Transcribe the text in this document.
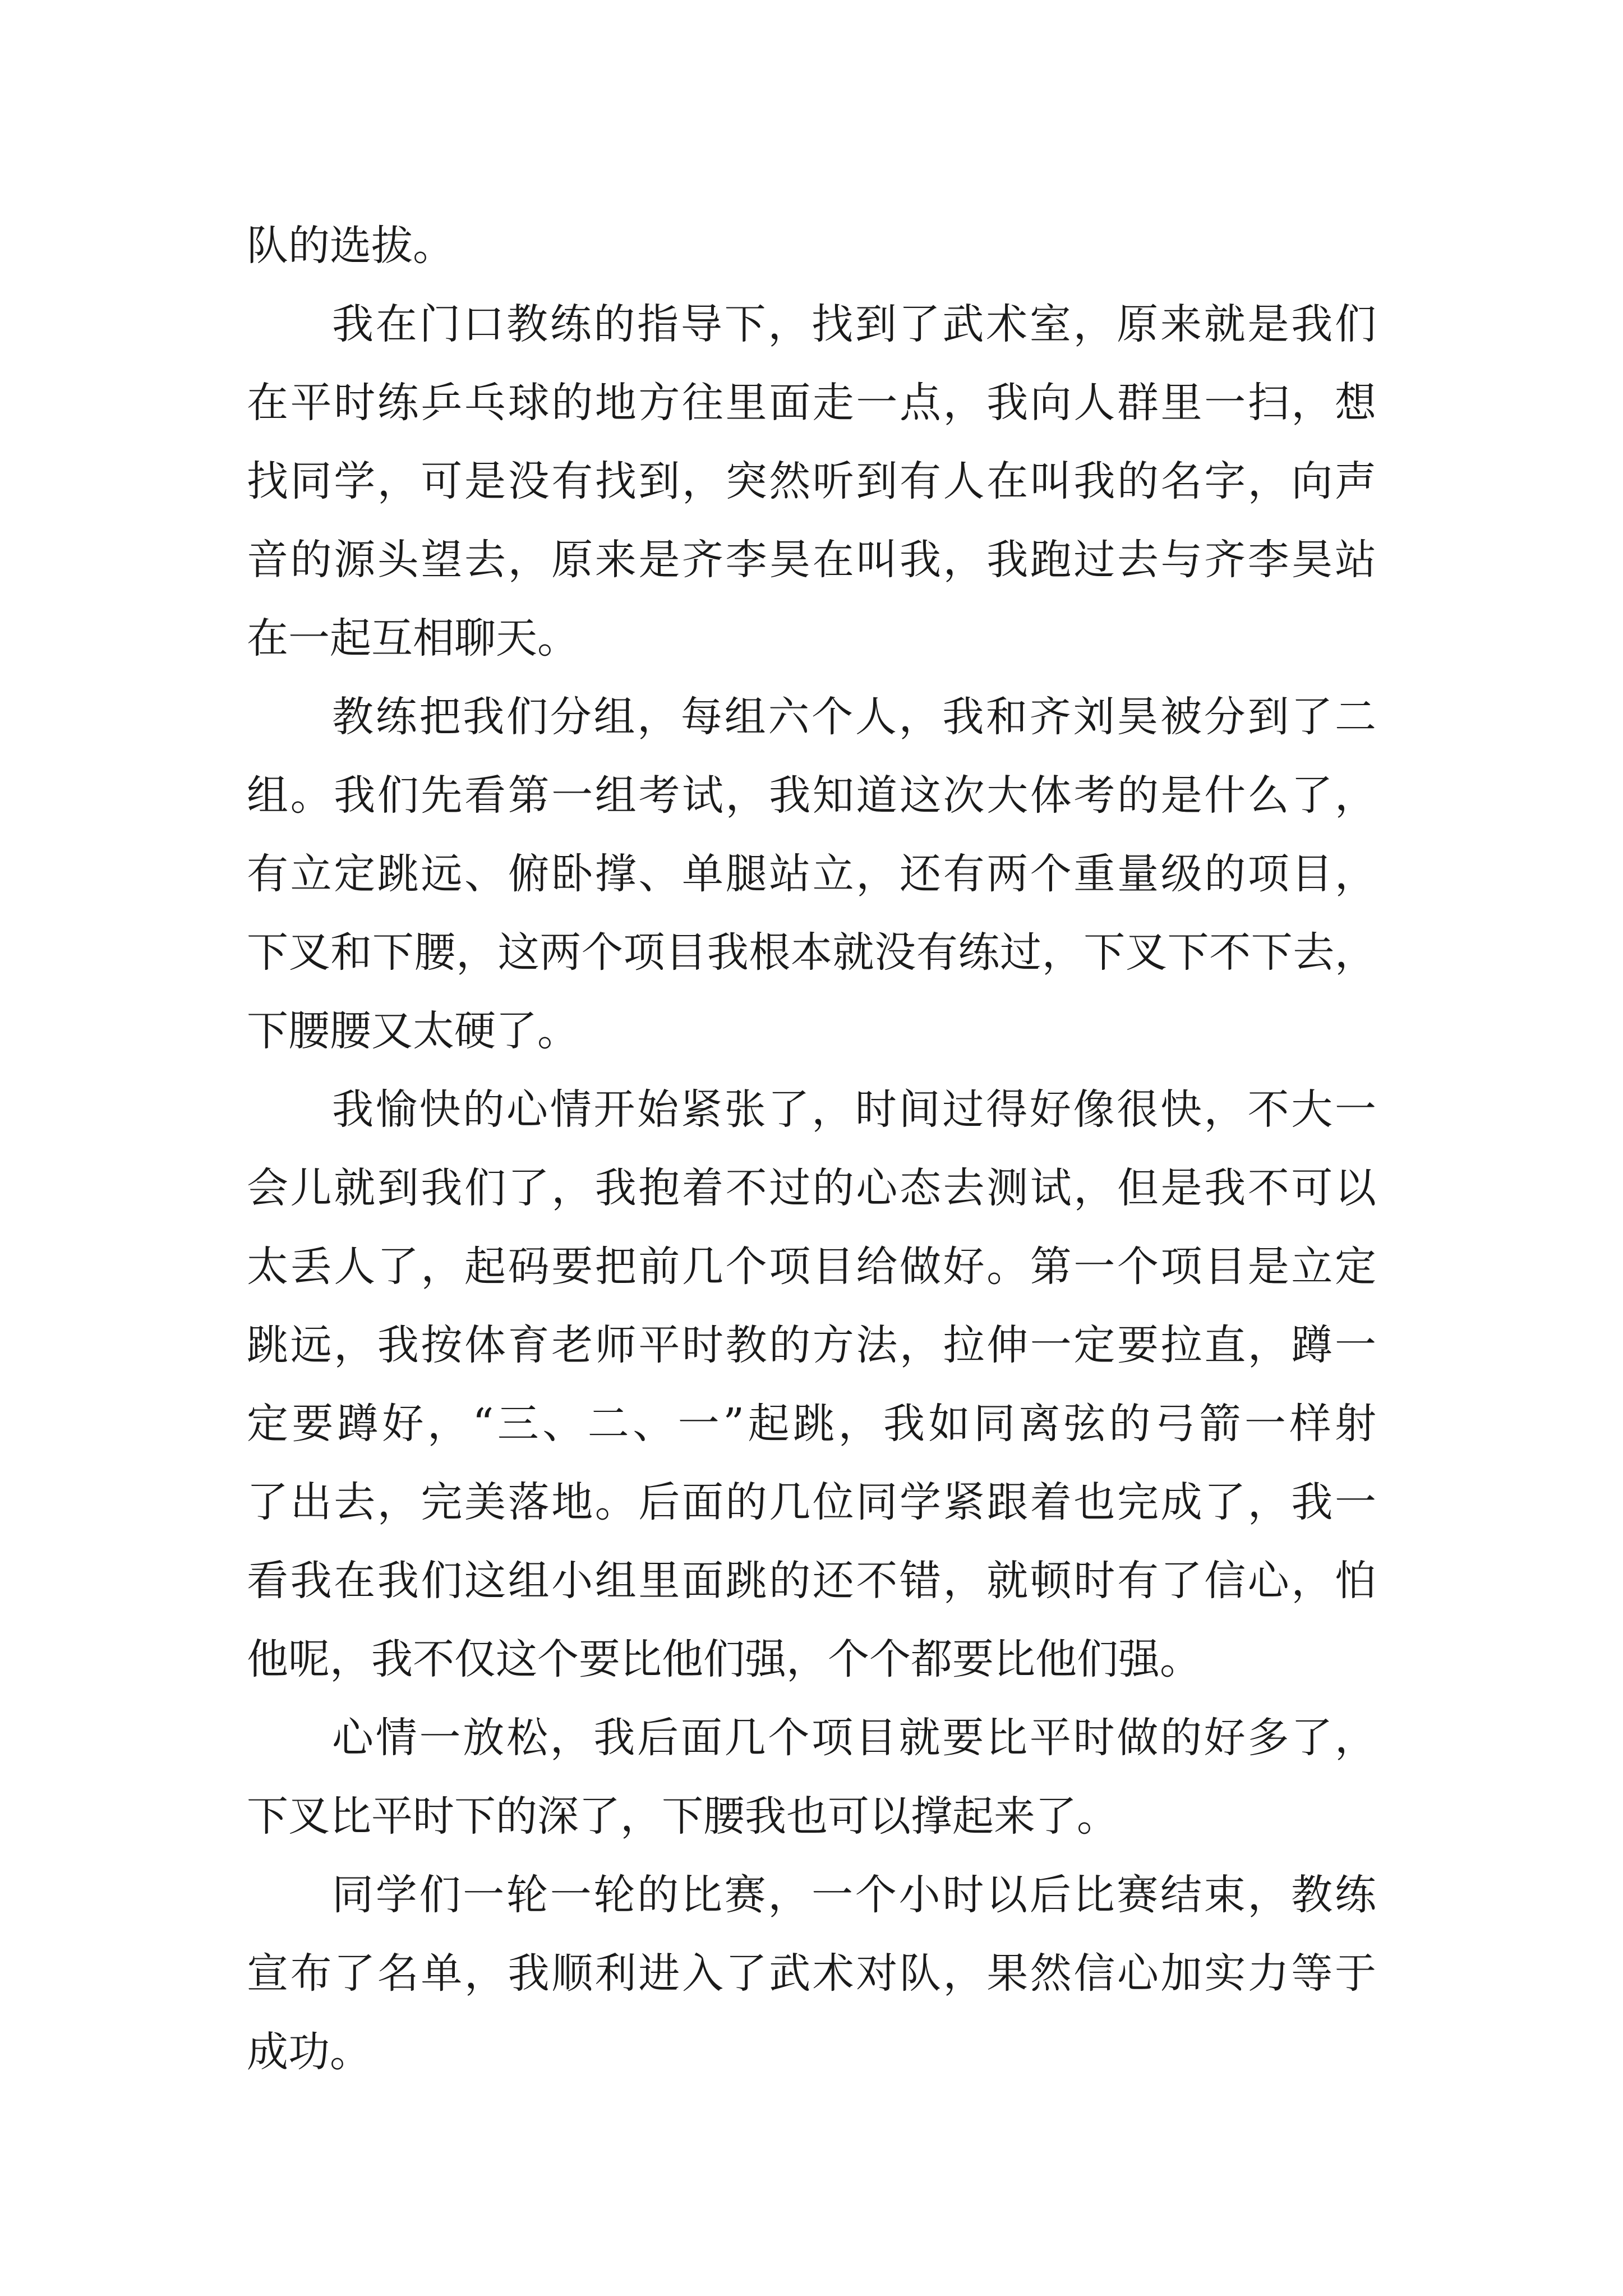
队的选拔。
我在门口教练的指导下，找到了武术室，原来就是我们
在平时练乒乓球的地方往里面走一点，我向人群里一扫，想
找同学，可是没有找到，突然听到有人在叫我的名字，向声
音的源头望去，原来是齐李昊在叫我，我跑过去与齐李昊站
在一起互相聊天。
教练把我们分组，每组六个人，我和齐刘昊被分到了二
组。我们先看第一组考试，我知道这次大体考的是什么了，
有立定跳远、俯卧撑、单腿站立，还有两个重量级的项目，
下叉和下腰，这两个项目我根本就没有练过，下叉下不下去，
下腰腰又太硬了。
我愉快的心情开始紧张了，时间过得好像很快，不大一
会儿就到我们了，我抱着不过的心态去测试，但是我不可以
太丢人了，起码要把前几个项目给做好。第一个项目是立定
跳远，我按体育老师平时教的方法，拉伸一定要拉直，蹲一
定要蹲好，“三、二、一”起跳，我如同离弦的弓箭一样射
了出去，完美落地。后面的几位同学紧跟着也完成了，我一
看我在我们这组小组里面跳的还不错，就顿时有了信心，怕
他呢，我不仅这个要比他们强，个个都要比他们强。
心情一放松，我后面几个项目就要比平时做的好多了，
下叉比平时下的深了，下腰我也可以撑起来了。
同学们一轮一轮的比赛，一个小时以后比赛结束，教练
宣布了名单，我顺利进入了武术对队，果然信心加实力等于
成功。
